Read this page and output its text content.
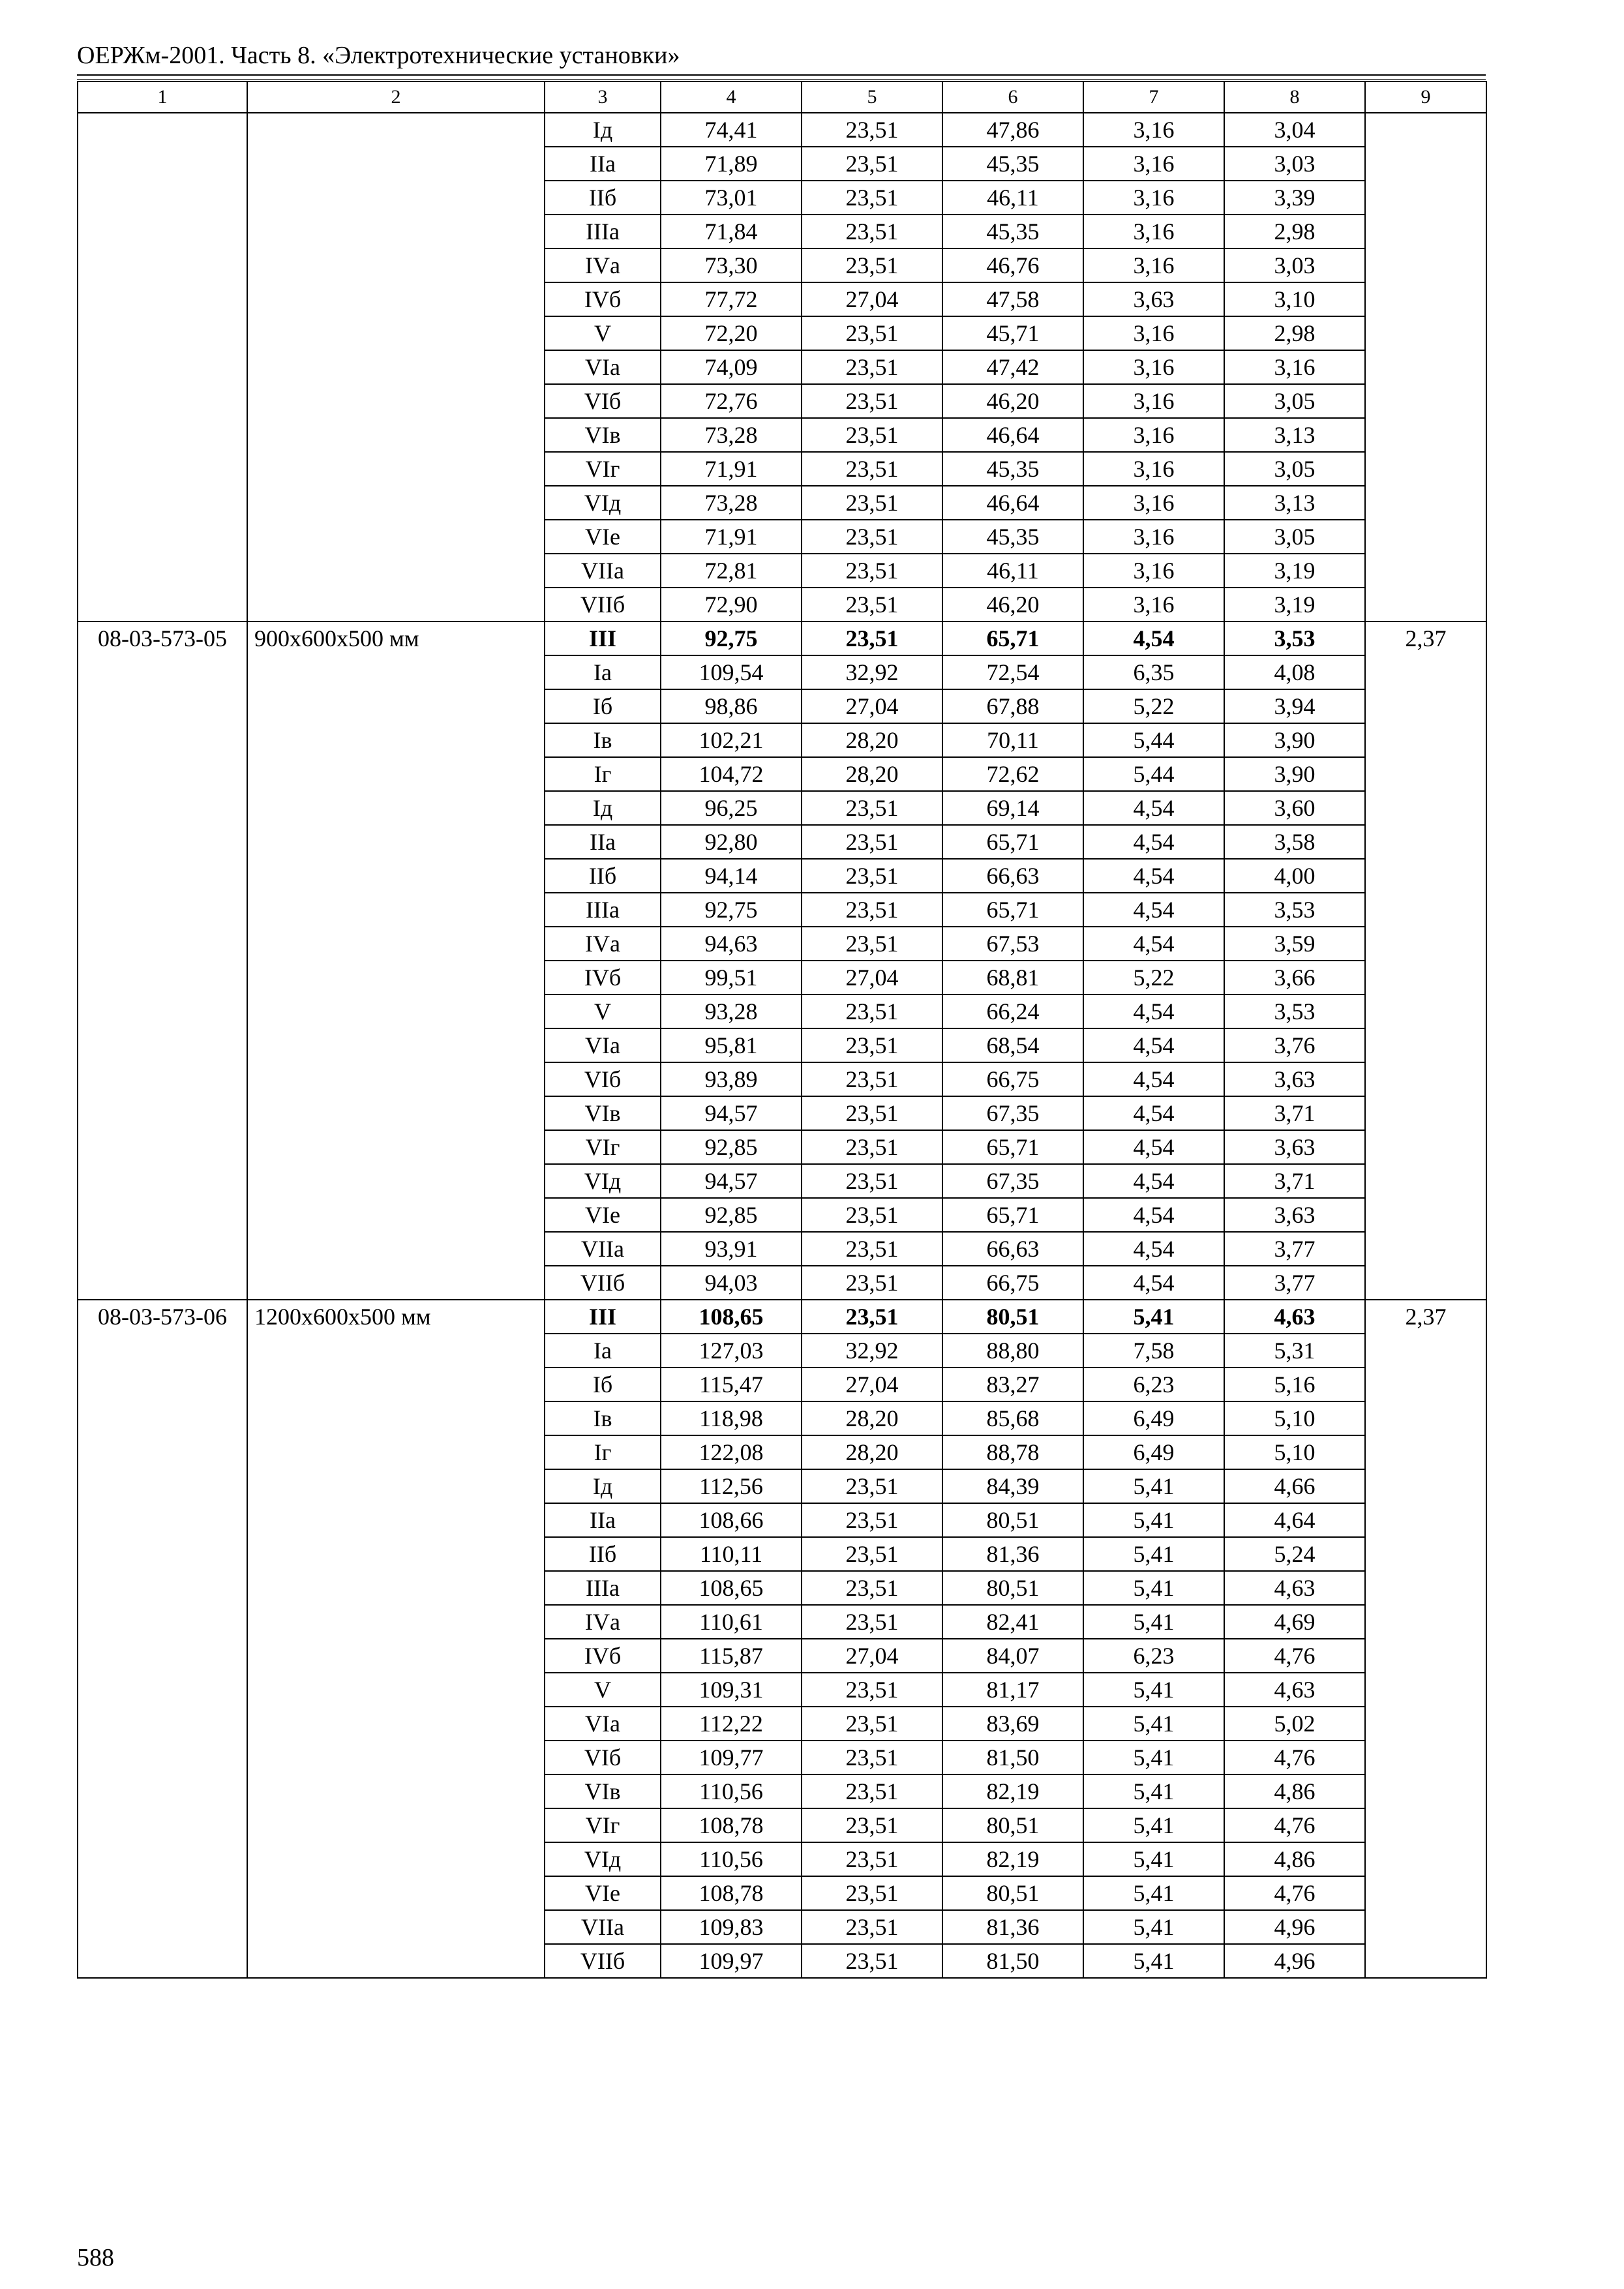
ОЕРЖм-2001. Часть 8. «Электротехнические установки»
1	2	3	4	5	6	7	8	9
		Iд	74,41	23,51	47,86	3,16	3,04	
		IIа	71,89	23,51	45,35	3,16	3,03	
		IIб	73,01	23,51	46,11	3,16	3,39	
		IIIа	71,84	23,51	45,35	3,16	2,98	
		IVа	73,30	23,51	46,76	3,16	3,03	
		IVб	77,72	27,04	47,58	3,63	3,10	
		V	72,20	23,51	45,71	3,16	2,98	
		VIа	74,09	23,51	47,42	3,16	3,16	
		VIб	72,76	23,51	46,20	3,16	3,05	
		VIв	73,28	23,51	46,64	3,16	3,13	
		VIг	71,91	23,51	45,35	3,16	3,05	
		VIд	73,28	23,51	46,64	3,16	3,13	
		VIе	71,91	23,51	45,35	3,16	3,05	
		VIIа	72,81	23,51	46,11	3,16	3,19	
		VIIб	72,90	23,51	46,20	3,16	3,19	
08-03-573-05	900х600х500 мм	III	92,75	23,51	65,71	4,54	3,53	2,37
		Iа	109,54	32,92	72,54	6,35	4,08	
		Iб	98,86	27,04	67,88	5,22	3,94	
		Iв	102,21	28,20	70,11	5,44	3,90	
		Iг	104,72	28,20	72,62	5,44	3,90	
		Iд	96,25	23,51	69,14	4,54	3,60	
		IIа	92,80	23,51	65,71	4,54	3,58	
		IIб	94,14	23,51	66,63	4,54	4,00	
		IIIа	92,75	23,51	65,71	4,54	3,53	
		IVа	94,63	23,51	67,53	4,54	3,59	
		IVб	99,51	27,04	68,81	5,22	3,66	
		V	93,28	23,51	66,24	4,54	3,53	
		VIа	95,81	23,51	68,54	4,54	3,76	
		VIб	93,89	23,51	66,75	4,54	3,63	
		VIв	94,57	23,51	67,35	4,54	3,71	
		VIг	92,85	23,51	65,71	4,54	3,63	
		VIд	94,57	23,51	67,35	4,54	3,71	
		VIе	92,85	23,51	65,71	4,54	3,63	
		VIIа	93,91	23,51	66,63	4,54	3,77	
		VIIб	94,03	23,51	66,75	4,54	3,77	
08-03-573-06	1200х600х500 мм	III	108,65	23,51	80,51	5,41	4,63	2,37
		Iа	127,03	32,92	88,80	7,58	5,31	
		Iб	115,47	27,04	83,27	6,23	5,16	
		Iв	118,98	28,20	85,68	6,49	5,10	
		Iг	122,08	28,20	88,78	6,49	5,10	
		Iд	112,56	23,51	84,39	5,41	4,66	
		IIа	108,66	23,51	80,51	5,41	4,64	
		IIб	110,11	23,51	81,36	5,41	5,24	
		IIIа	108,65	23,51	80,51	5,41	4,63	
		IVа	110,61	23,51	82,41	5,41	4,69	
		IVб	115,87	27,04	84,07	6,23	4,76	
		V	109,31	23,51	81,17	5,41	4,63	
		VIа	112,22	23,51	83,69	5,41	5,02	
		VIб	109,77	23,51	81,50	5,41	4,76	
		VIв	110,56	23,51	82,19	5,41	4,86	
		VIг	108,78	23,51	80,51	5,41	4,76	
		VIд	110,56	23,51	82,19	5,41	4,86	
		VIе	108,78	23,51	80,51	5,41	4,76	
		VIIа	109,83	23,51	81,36	5,41	4,96	
		VIIб	109,97	23,51	81,50	5,41	4,96	
588
